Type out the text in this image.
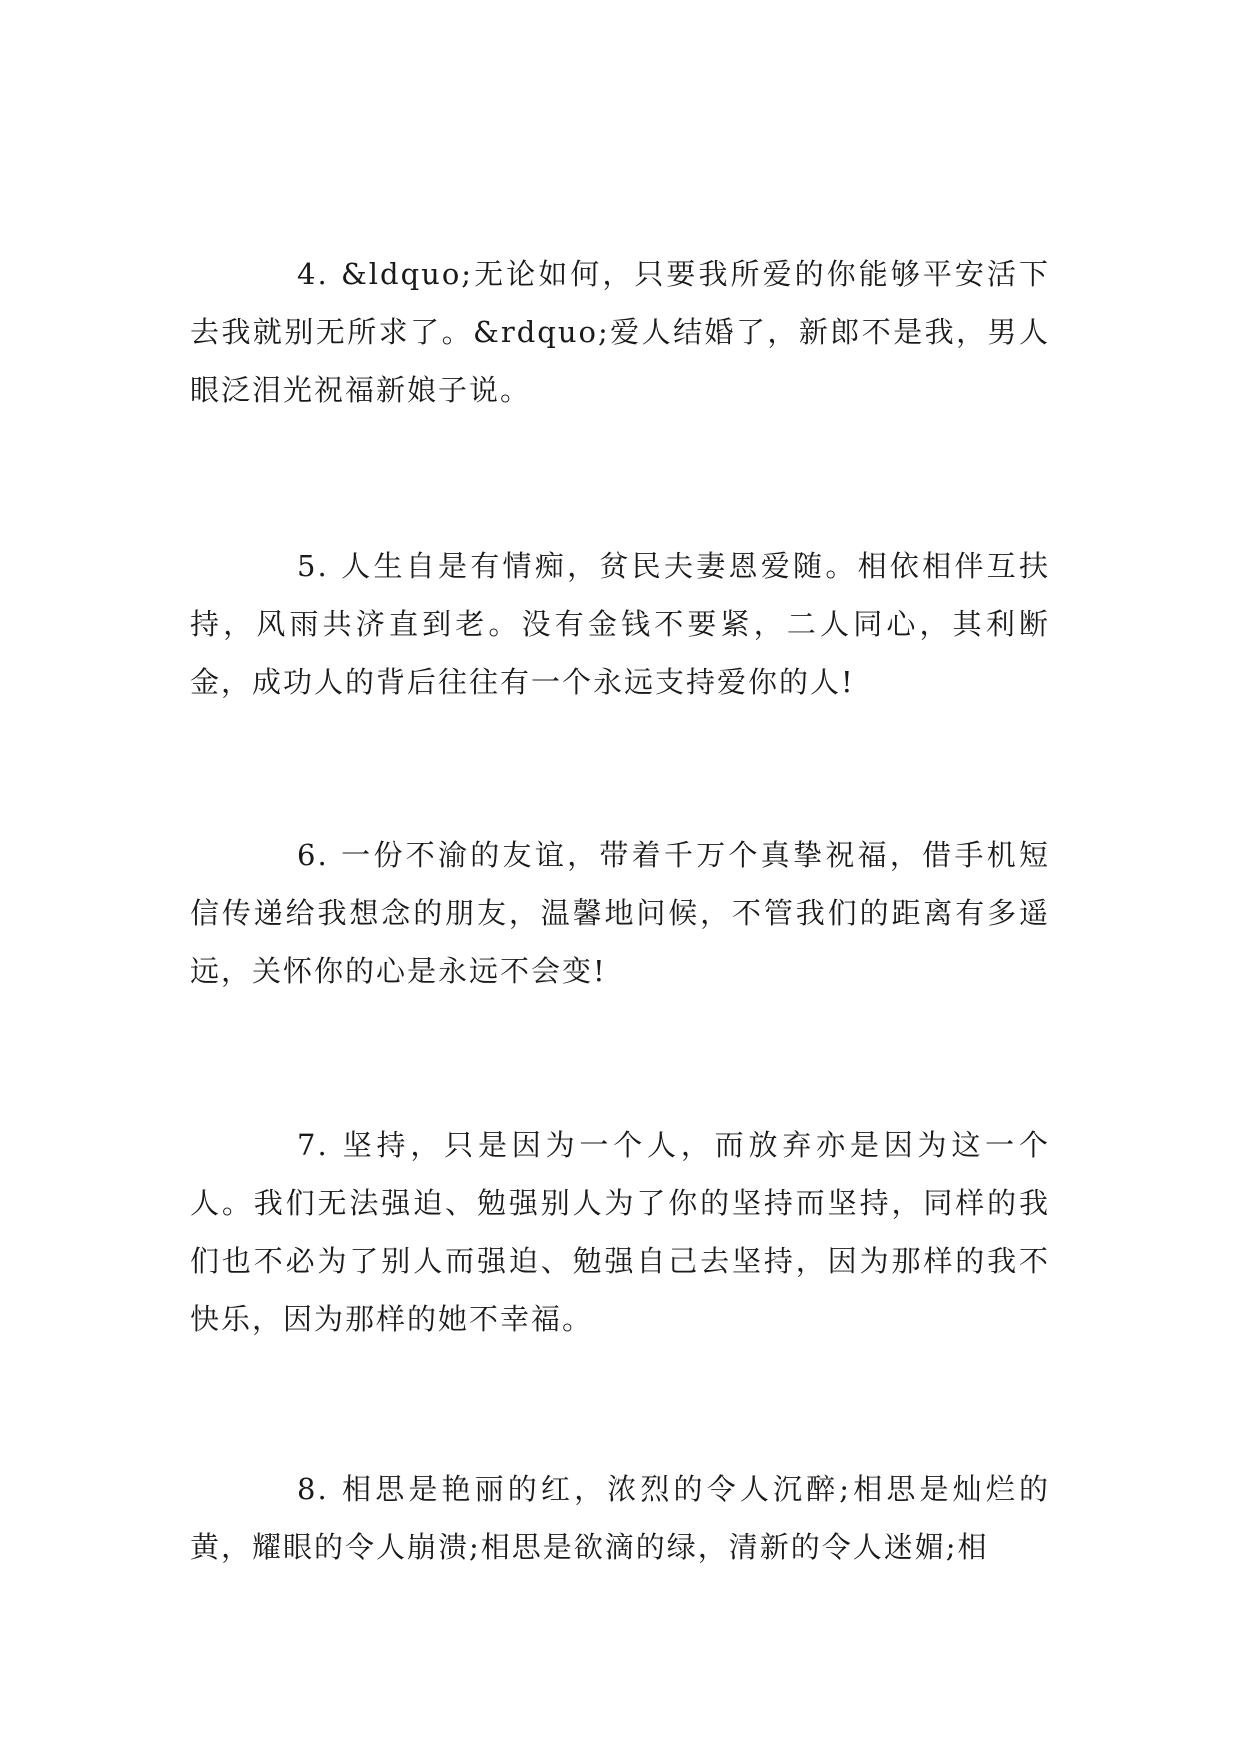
4. &ldquo;无论如何，只要我所爱的你能够平安活下去我就别无所求了。&rdquo;爱人结婚了，新郎不是我，男人眼泛泪光祝福新娘子说。

5. 人生自是有情痴，贫民夫妻恩爱随。相依相伴互扶持，风雨共济直到老。没有金钱不要紧，二人同心，其利断金，成功人的背后往往有一个永远支持爱你的人!

6. 一份不渝的友谊，带着千万个真挚祝福，借手机短信传递给我想念的朋友，温馨地问候，不管我们的距离有多遥远，关怀你的心是永远不会变!

7. 坚持，只是因为一个人，而放弃亦是因为这一个人。我们无法强迫、勉强别人为了你的坚持而坚持，同样的我们也不必为了别人而强迫、勉强自己去坚持，因为那样的我不快乐，因为那样的她不幸福。

8. 相思是艳丽的红，浓烈的令人沉醉;相思是灿烂的黄，耀眼的令人崩溃;相思是欲滴的绿，清新的令人迷媚;相
